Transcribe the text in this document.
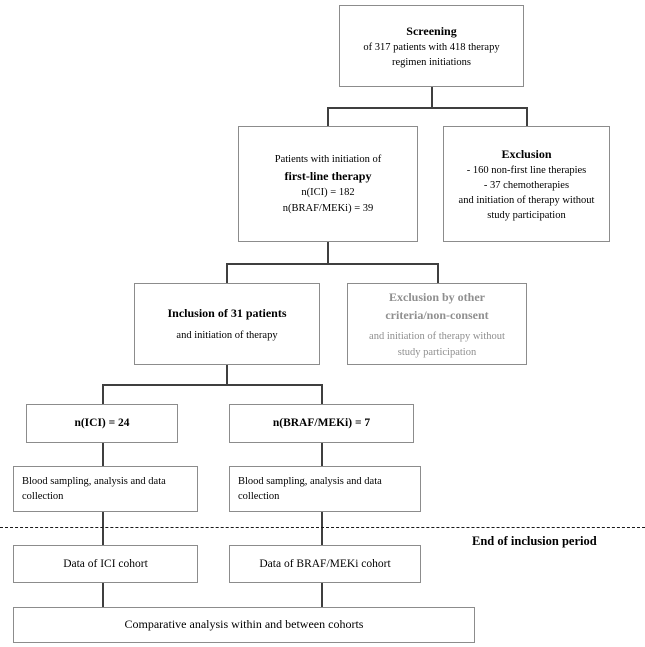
Screening
of 317 patients with 418 therapy
regimen initiations
Patients with initiation of
first-line therapy
n(ICI) = 182
n(BRAF/MEKi) = 39
Exclusion
- 160 non-first line therapies
- 37 chemotherapies
and initiation of therapy without
study participation
Inclusion of 31 patients
and initiation of therapy
Exclusion by other
criteria/non-consent
and initiation of therapy without
study participation
n(ICI) = 24	n(BRAF/MEKi) = 7
Blood sampling, analysis and data
collection
Blood sampling, analysis and data
collection
Data of ICI cohort	Data of BRAF/MEKi cohort
Comparative analysis within and between cohorts
End of inclusion period
